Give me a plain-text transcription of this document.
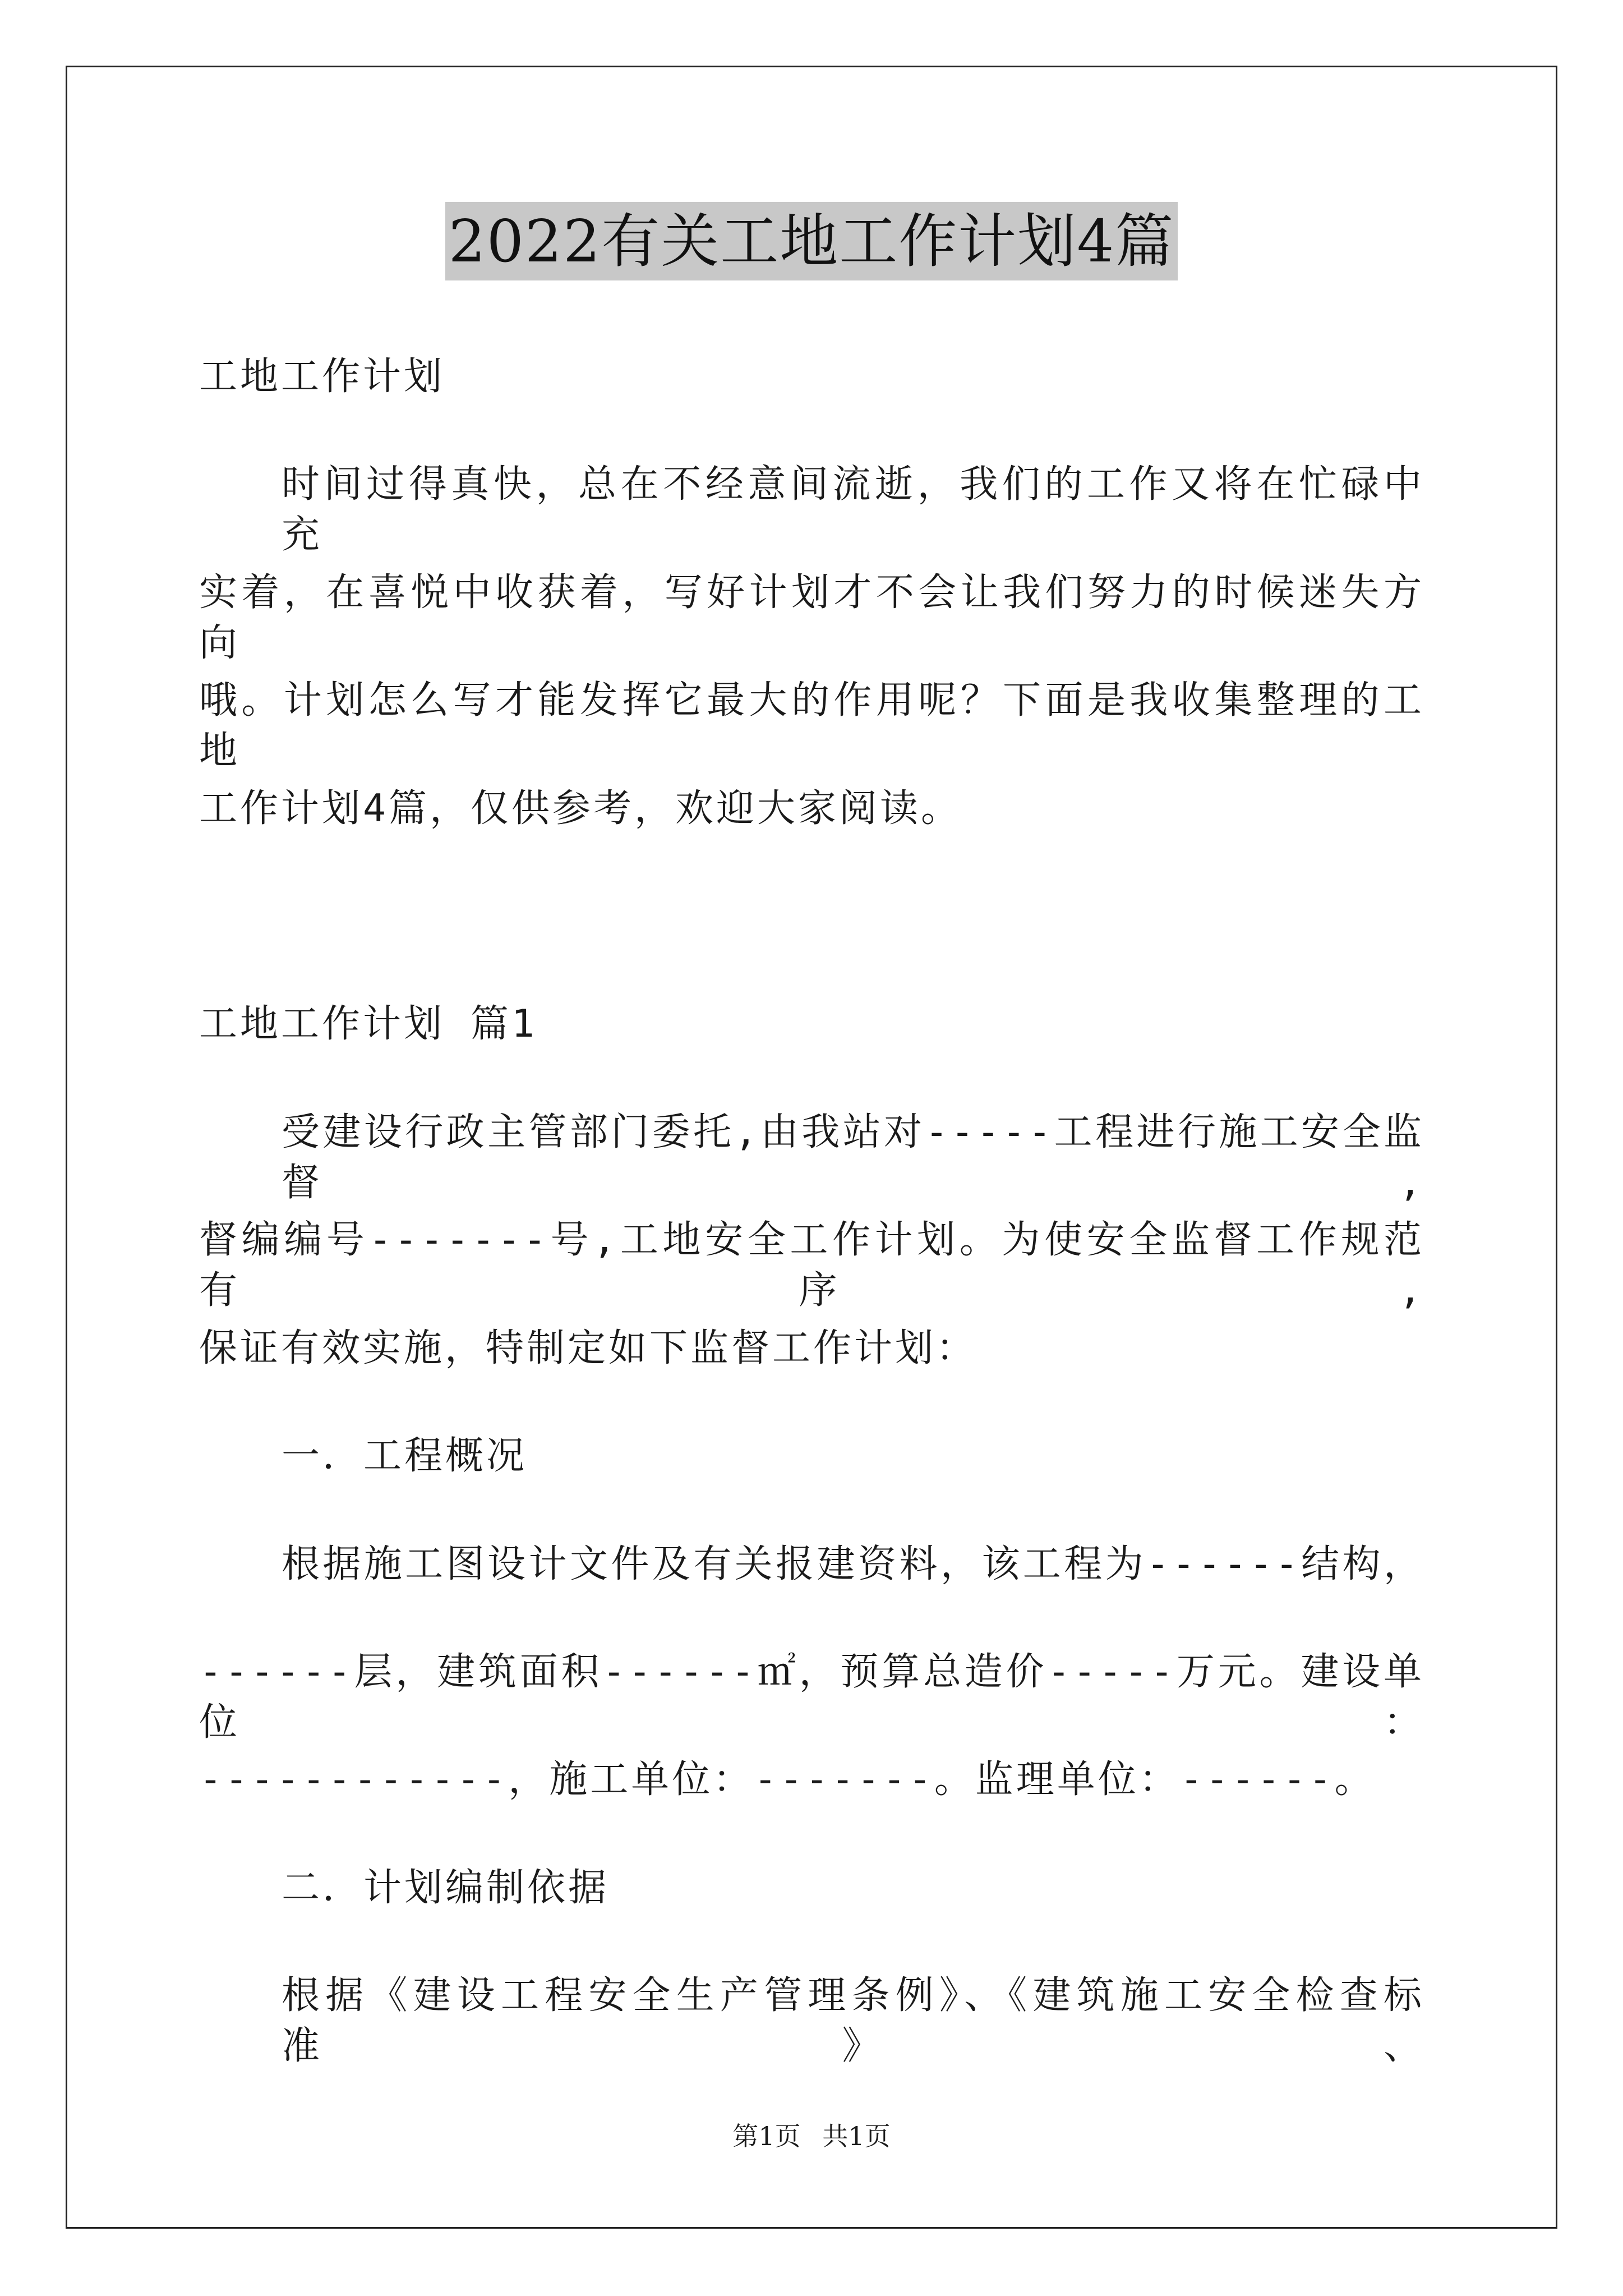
2022有关工地工作计划4篇
工地工作计划
时间过得真快，总在不经意间流逝，我们的工作又将在忙碌中充
实着，在喜悦中收获着，写好计划才不会让我们努力的时候迷失方向
哦。计划怎么写才能发挥它最大的作用呢？下面是我收集整理的工地
工作计划4篇，仅供参考，欢迎大家阅读。
工地工作计划 篇1
受建设行政主管部门委托,由我站对-----工程进行施工安全监督,
督编编号-------号,工地安全工作计划。为使安全监督工作规范有序,
保证有效实施，特制定如下监督工作计划：
一．工程概况
根据施工图设计文件及有关报建资料，该工程为------结构，
------层，建筑面积------㎡，预算总造价-----万元。建设单位：
------------，施工单位：-------。监理单位：------。
二．计划编制依据
根据《建设工程安全生产管理条例》、《建筑施工安全检查标准》、
第1页 共1页
